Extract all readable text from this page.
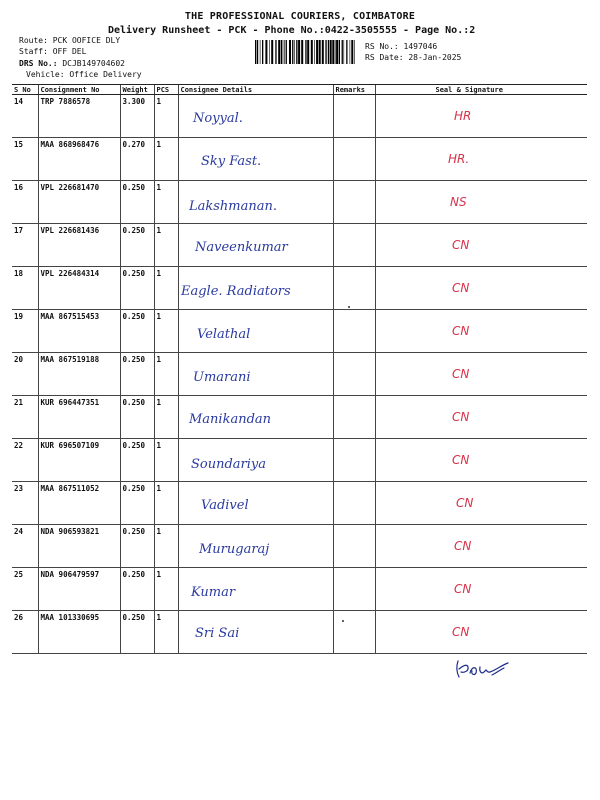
THE PROFESSIONAL COURIERS, COIMBATORE
Delivery Runsheet - PCK - Phone No.:0422-3505555 - Page No.:2
Route: PCK OOFICE DLY
Staff: OFF DEL
DRS No.: DCJB149704602
Vehicle: Office Delivery
RS No.: 1497046
RS Date: 28-Jan-2025
S No	Consignment No	Weight	PCS	Consignee Details	Remarks	Seal & Signature
14	TRP 7886578	3.300	1	Noyyal.		HR

15	MAA 868968476	0.270	1	Sky Fast.		HR.

16	VPL 226681470	0.250	1	Lakshmanan.		NS

17	VPL 226681436	0.250	1	Naveenkumar		CN

18	VPL 226484314	0.250	1	Eagle. Radiators		CN

19	MAA 867515453	0.250	1	Velathal		CN

20	MAA 867519188	0.250	1	Umarani		CN

21	KUR 696447351	0.250	1	Manikandan		CN

22	KUR 696507109	0.250	1	Soundariya		CN

23	MAA 867511052	0.250	1	Vadivel		CN

24	NDA 906593821	0.250	1	Murugaraj		CN

25	NDA 906479597	0.250	1	Kumar		CN

26	MAA 101330695	0.250	1	Sri Sai		CN
